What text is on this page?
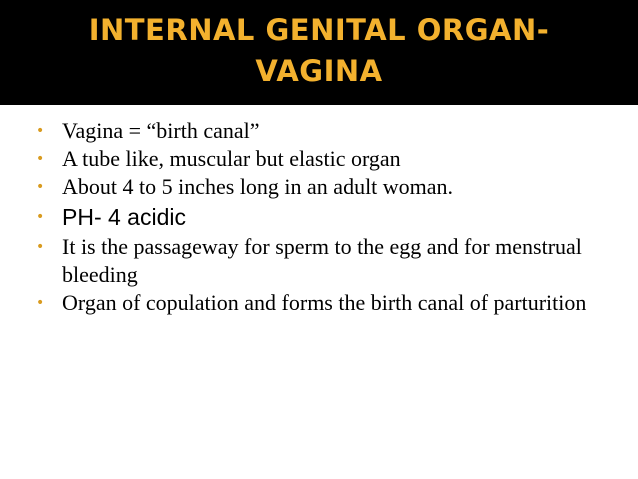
INTERNAL GENITAL ORGAN-
VAGINA
• Vagina = “birth canal”
• A tube like, muscular but elastic organ
• About 4 to 5 inches long in an adult woman.
• PH- 4 acidic
• It is the passageway for sperm to the egg and for menstrual bleeding
• Organ of copulation and forms the birth canal of parturition
